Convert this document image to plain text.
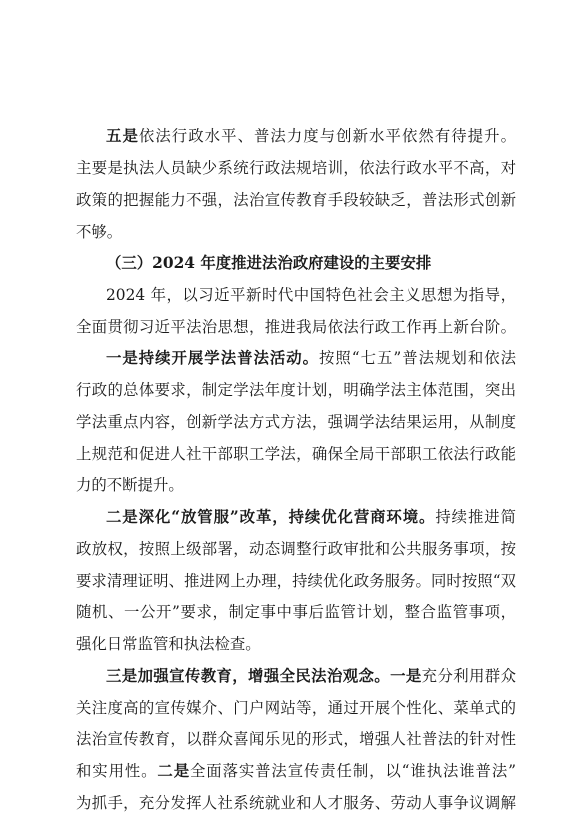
五是依法行政水平、普法力度与创新水平依然有待提升。
主要是执法人员缺少系统行政法规培训，依法行政水平不高，对
政策的把握能力不强，法治宣传教育手段较缺乏，普法形式创新
不够。
（三）2024 年度推进法治政府建设的主要安排
2024 年，以习近平新时代中国特色社会主义思想为指导，
全面贯彻习近平法治思想，推进我局依法行政工作再上新台阶。
一是持续开展学法普法活动。按照“七五”普法规划和依法
行政的总体要求，制定学法年度计划，明确学法主体范围，突出
学法重点内容，创新学法方式方法，强调学法结果运用，从制度
上规范和促进人社干部职工学法，确保全局干部职工依法行政能
力的不断提升。
二是深化“放管服”改革，持续优化营商环境。持续推进简
政放权，按照上级部署，动态调整行政审批和公共服务事项，按
要求清理证明、推进网上办理，持续优化政务服务。同时按照“双
随机、一公开”要求，制定事中事后监管计划，整合监管事项，
强化日常监管和执法检查。
三是加强宣传教育，增强全民法治观念。一是充分利用群众
关注度高的宣传媒介、门户网站等，通过开展个性化、菜单式的
法治宣传教育，以群众喜闻乐见的形式，增强人社普法的针对性
和实用性。二是全面落实普法宣传责任制，以“谁执法谁普法”
为抓手，充分发挥人社系统就业和人才服务、劳动人事争议调解
